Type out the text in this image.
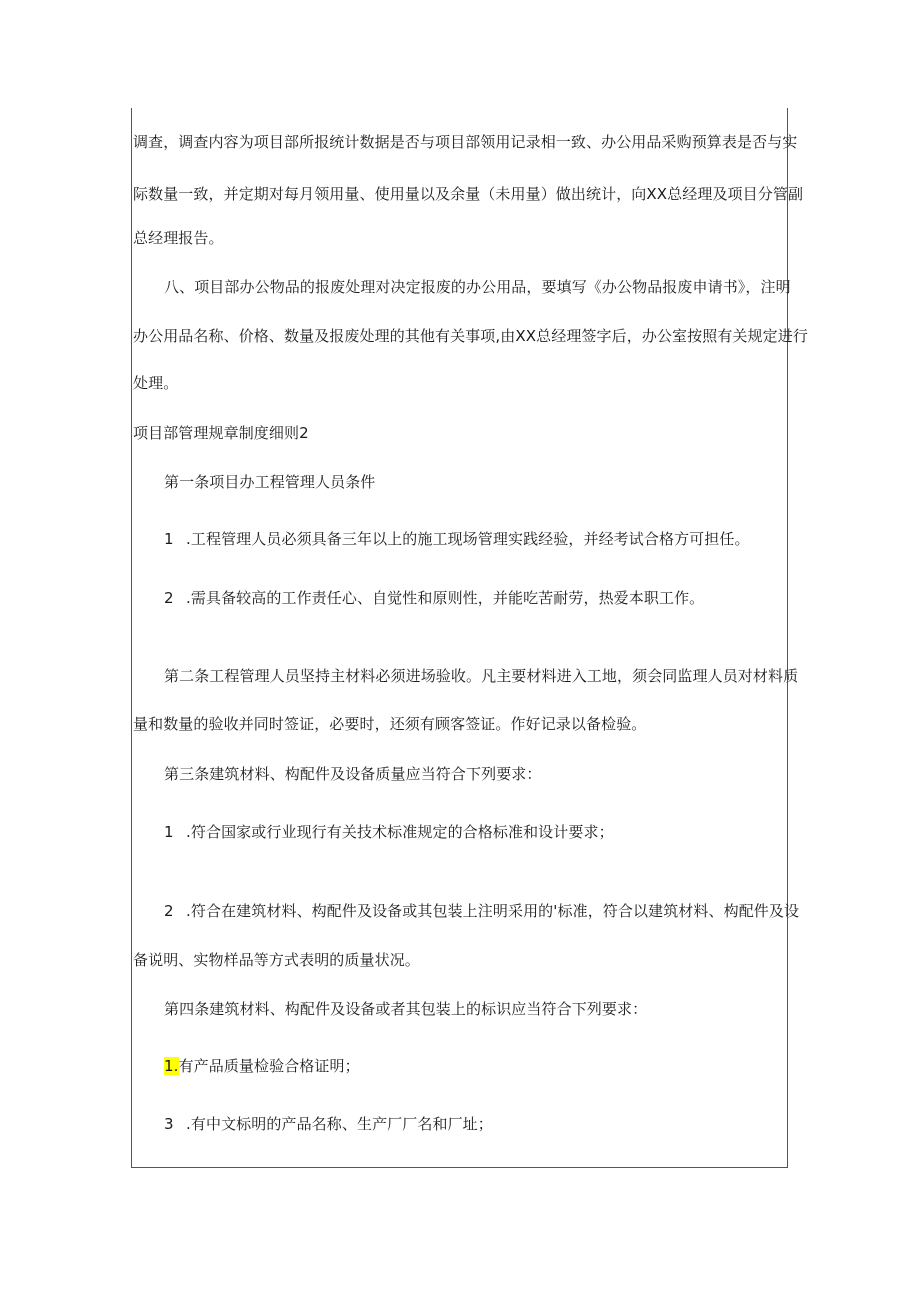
调查，调查内容为项目部所报统计数据是否与项目部领用记录相一致、办公用品采购预算表是否与实
际数量一致，并定期对每月领用量、使用量以及余量（未用量）做出统计，向XX总经理及项目分管副
总经理报告。
八、项目部办公物品的报废处理对决定报废的办公用品，要填写《办公物品报废申请书》，注明
办公用品名称、价格、数量及报废处理的其他有关事项,由XX总经理签字后，办公室按照有关规定进行
处理。
项目部管理规章制度细则2
第一条项目办工程管理人员条件
1 .工程管理人员必须具备三年以上的施工现场管理实践经验，并经考试合格方可担任。
2 .需具备较高的工作责任心、自觉性和原则性，并能吃苦耐劳，热爱本职工作。
第二条工程管理人员坚持主材料必须进场验收。凡主要材料进入工地，须会同监理人员对材料质
量和数量的验收并同时签证，必要时，还须有顾客签证。作好记录以备检验。
第三条建筑材料、构配件及设备质量应当符合下列要求：
1 .符合国家或行业现行有关技术标准规定的合格标准和设计要求；
2 .符合在建筑材料、构配件及设备或其包装上注明采用的'标准，符合以建筑材料、构配件及设
备说明、实物样品等方式表明的质量状况。
第四条建筑材料、构配件及设备或者其包装上的标识应当符合下列要求：
1.有产品质量检验合格证明；
3 .有中文标明的产品名称、生产厂厂名和厂址；
